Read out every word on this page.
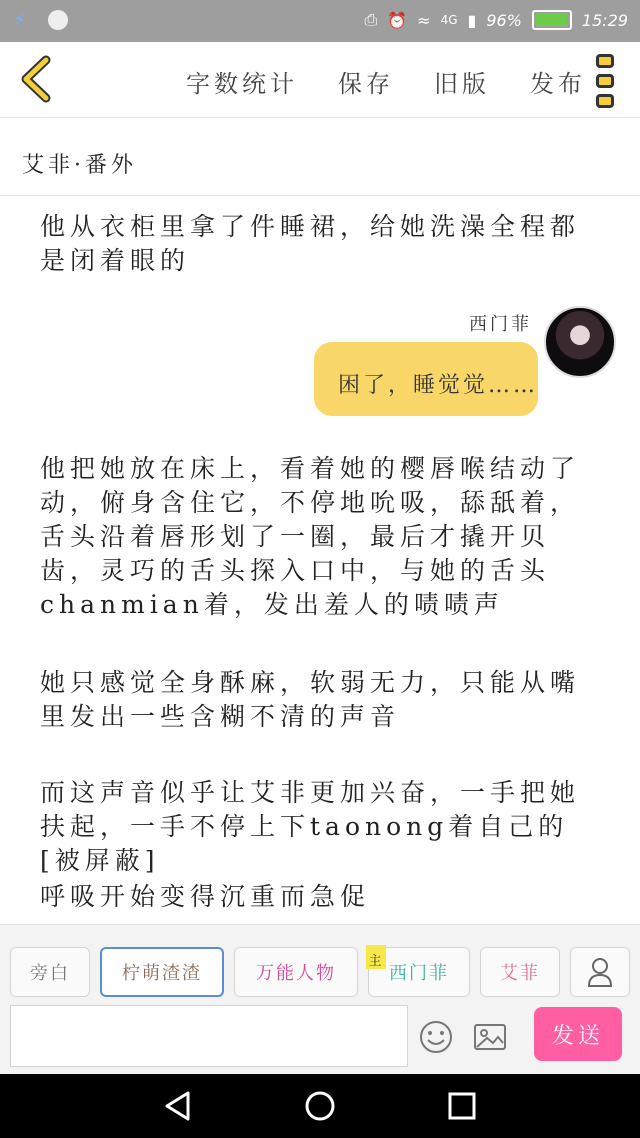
⚡	⎙ ⏰ ≈ 4G ▮ 96%	15:29
字数统计 保存 旧版 发布
艾非·番外
他从衣柜里拿了件睡裙，给她洗澡全程都是闭着眼的
西门菲
困了，睡觉觉……
他把她放在床上，看着她的樱唇喉结动了动，俯身含住它，不停地吮吸，舔舐着，舌头沿着唇形划了一圈，最后才撬开贝齿，灵巧的舌头探入口中，与她的舌头chanmian着，发出羞人的啧啧声
她只感觉全身酥麻，软弱无力，只能从嘴里发出一些含糊不清的声音
而这声音似乎让艾非更加兴奋，一手把她扶起，一手不停上下taonong着自己的[被屏蔽]
呼吸开始变得沉重而急促
旁白	柠萌渣渣	万能人物
主
西门菲	艾菲
发送
